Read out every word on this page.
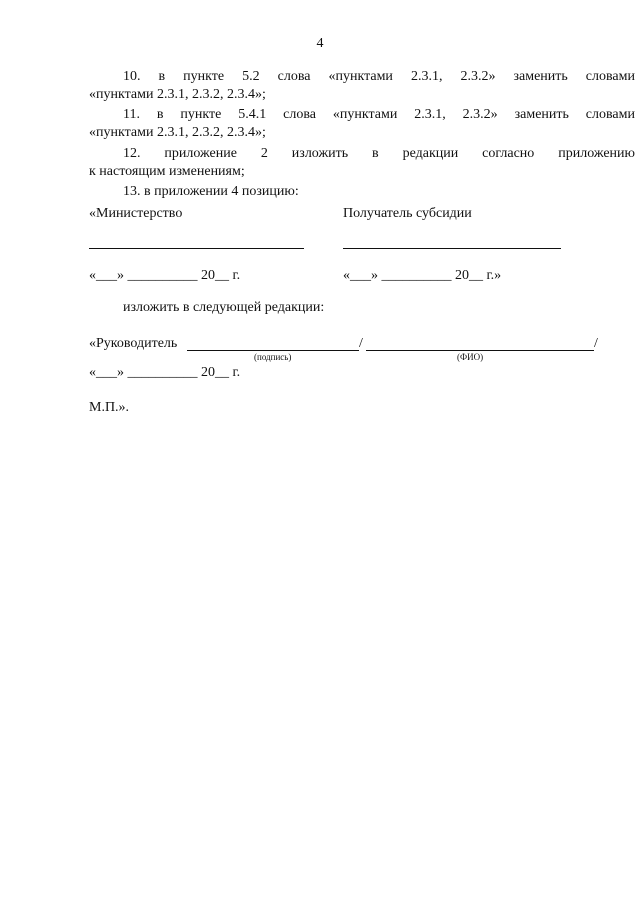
4
10. в пункте 5.2 слова «пунктами 2.3.1, 2.3.2» заменить словами
«пунктами 2.3.1, 2.3.2, 2.3.4»;
11. в пункте 5.4.1 слова «пунктами 2.3.1, 2.3.2» заменить словами
«пунктами 2.3.1, 2.3.2, 2.3.4»;
12. приложение 2 изложить в редакции согласно приложению
к настоящим изменениям;
13. в приложении 4 позицию:
«Министерство	Получатель субсидии
«___» __________ 20__ г.	«___» __________ 20__ г.»
изложить в следующей редакции:
«Руководитель	/	/
(подпись)	(ФИО)
«___» __________ 20__ г.
М.П.».
